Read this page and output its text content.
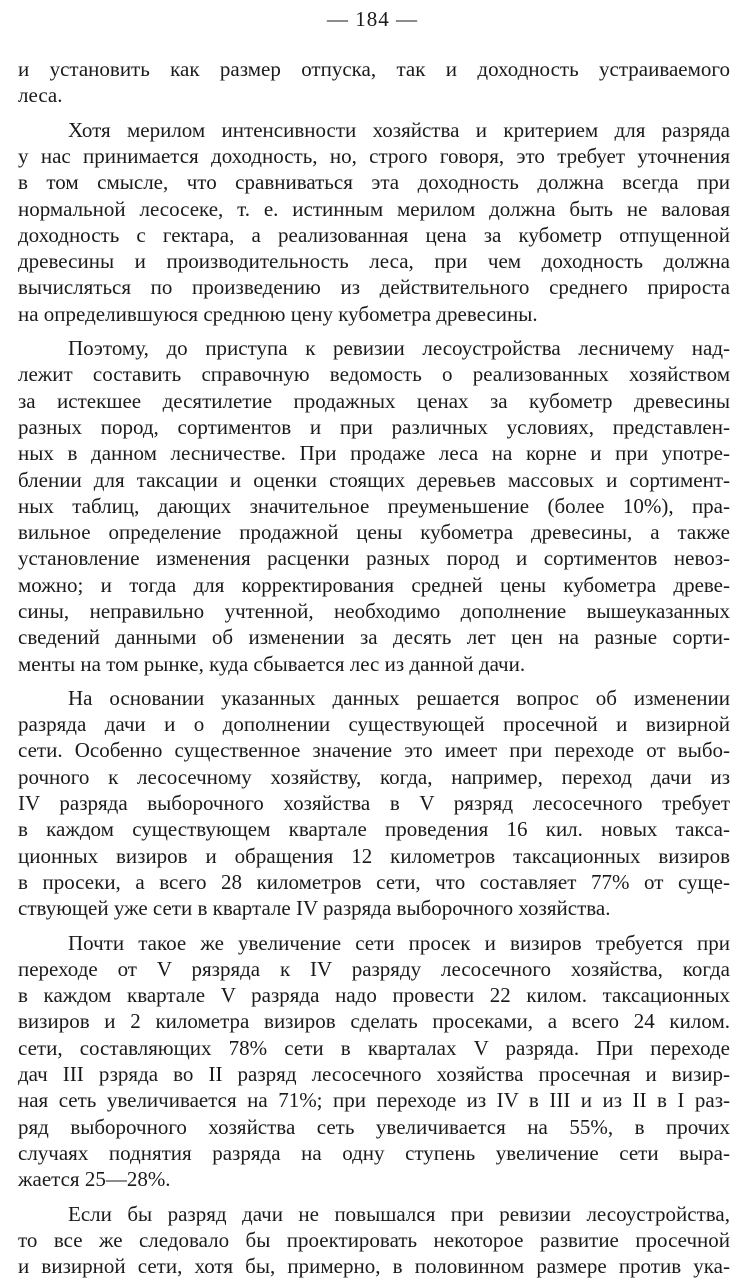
— 184 —
и установить как размер отпуска, так и доходность устраиваемого
леса.
Хотя мерилом интенсивности хозяйства и критерием для разряда
у нас принимается доходность, но, строго говоря, это требует уточнения
в том смысле, что сравниваться эта доходность должна всегда при
нормальной лесосеке, т. е. истинным мерилом должна быть не валовая
доходность с гектара, а реализованная цена за кубометр отпущенной
древесины и производительность леса, при чем доходность должна
вычисляться по произведению из действительного среднего прироста
на определившуюся среднюю цену кубометра древесины.
Поэтому, до приступа к ревизии лесоустройства лесничему над-
лежит составить справочную ведомость о реализованных хозяйством
за истекшее десятилетие продажных ценах за кубометр древесины
разных пород, сортиментов и при различных условиях, представлен-
ных в данном лесничестве. При продаже леса на корне и при употре-
блении для таксации и оценки стоящих деревьев массовых и сортимент-
ных таблиц, дающих значительное преуменьшение (более 10%), пра-
вильное определение продажной цены кубометра древесины, а также
установление изменения расценки разных пород и сортиментов невоз-
можно; и тогда для корректирования средней цены кубометра древе-
сины, неправильно учтенной, необходимо дополнение вышеуказанных
сведений данными об изменении за десять лет цен на разные сорти-
менты на том рынке, куда сбывается лес из данной дачи.
На основании указанных данных решается вопрос об изменении
разряда дачи и о дополнении существующей просечной и визирной
сети. Особенно существенное значение это имеет при переходе от выбо-
рочного к лесосечному хозяйству, когда, например, переход дачи из
IV разряда выборочного хозяйства в V рязряд лесосечного требует
в каждом существующем квартале проведения 16 кил. новых такса-
ционных визиров и обращения 12 километров таксационных визиров
в просеки, а всего 28 километров сети, что составляет 77% от суще-
ствующей уже сети в квартале IV разряда выборочного хозяйства.
Почти такое же увеличение сети просек и визиров требуется при
переходе от V рязряда к IV разряду лесосечного хозяйства, когда
в каждом квартале V разряда надо провести 22 килом. таксационных
визиров и 2 километра визиров сделать просеками, а всего 24 килом.
сети, составляющих 78% сети в кварталах V разряда. При переходе
дач III рзряда во II разряд лесосечного хозяйства просечная и визир-
ная сеть увеличивается на 71%; при переходе из IV в III и из II в I раз-
ряд выборочного хозяйства сеть увеличивается на 55%, в прочих
случаях поднятия разряда на одну ступень увеличение сети выра-
жается 25—28%.
Если бы разряд дачи не повышался при ревизии лесоустройства,
то все же следовало бы проектировать некоторое развитие просечной
и визирной сети, хотя бы, примерно, в половинном размере против ука-
